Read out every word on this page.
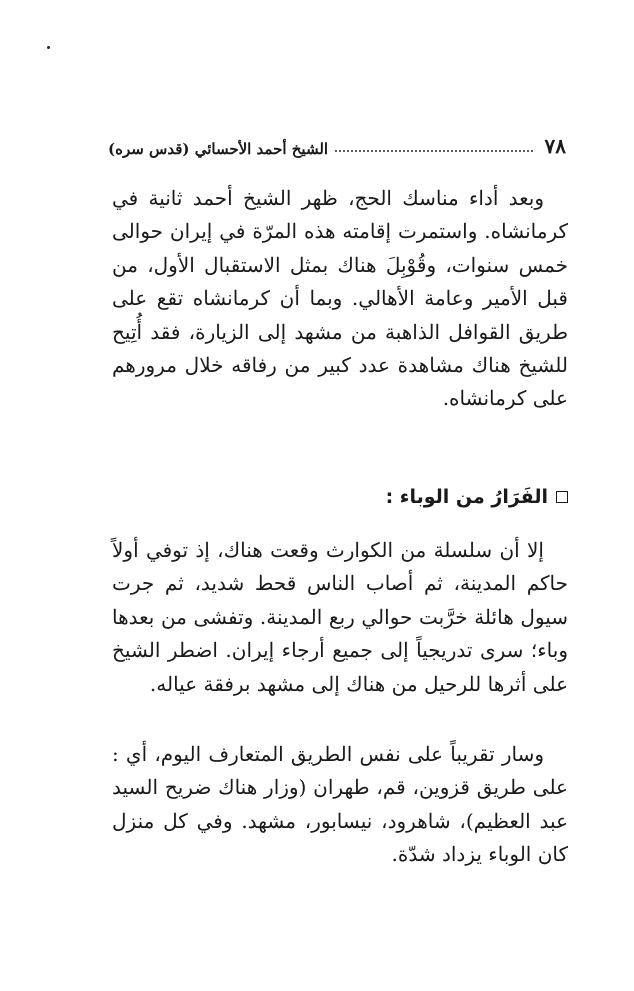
٧٨
الشيخ أحمد الأحسائي (قدس سره)

وبعد أداء مناسك الحج، ظهر الشيخ أحمد ثانية في كرمانشاه. واستمرت إقامته هذه المرّة في إيران حوالى خمس سنوات، وقُوْبِلَ هناك بمثل الاستقبال الأول، من قبل الأمير وعامة الأهالي. وبما أن كرمانشاه تقع على طريق القوافل الذاهبة من مشهد إلى الزيارة، فقد أُتِيح للشيخ هناك مشاهدة عدد كبير من رفاقه خلال مرورهم على كرمانشاه.

الفَرَارُ من الوباء :

إلا أن سلسلة من الكوارث وقعت هناك، إذ توفي أولاً حاكم المدينة، ثم أصاب الناس قحط شديد، ثم جرت سيول هائلة خرَّبت حوالي ربع المدينة. وتفشى من بعدها وباء؛ سرى تدريجياً إلى جميع أرجاء إيران. اضطر الشيخ على أثرها للرحيل من هناك إلى مشهد برفقة عياله.

وسار تقريباً على نفس الطريق المتعارف اليوم، أي : على طريق قزوين، قم، طهران (وزار هناك ضريح السيد عبد العظيم)، شاهرود، نيسابور، مشهد. وفي كل منزل كان الوباء يزداد شدّة.
